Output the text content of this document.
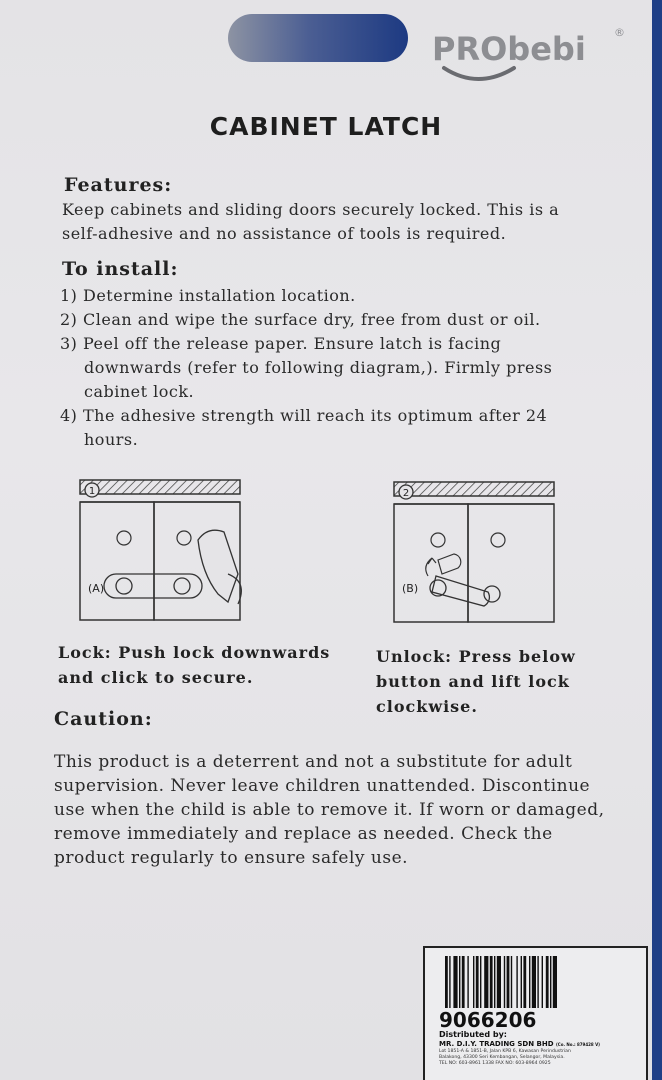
PRObebi	®
CABINET LATCH
Features:
Keep cabinets and sliding doors securely locked. This is a
self-adhesive and no assistance of tools is required.
To install:
1) Determine installation location.
2) Clean and wipe the surface dry, free from dust or oil.
3) Peel off the release paper. Ensure latch is facing
downwards (refer to following diagram,). Firmly press
cabinet lock.
4) The adhesive strength will reach its optimum after 24
hours.
1
(A)
2
(B)
Lock: Push lock downwards
and click to secure.
Unlock: Press below
button and lift lock
clockwise.
Caution:
This product is a deterrent and not a substitute for adult
supervision. Never leave children unattended. Discontinue
use when the child is able to remove it. If worn or damaged,
remove immediately and replace as needed. Check the
product regularly to ensure safely use.
9066206
Distributed by:
MR. D.I.Y. TRADING SDN BHD (Co. No.: 879428 V)
Lot 1851-A & 1851-B, Jalan KPB 6, Kawasan Perindustrian
Balakong, 43300 Seri Kembangan, Selangor, Malaysia.
TEL NO: 603-8961 1338 FAX NO: 603-8964 0925
